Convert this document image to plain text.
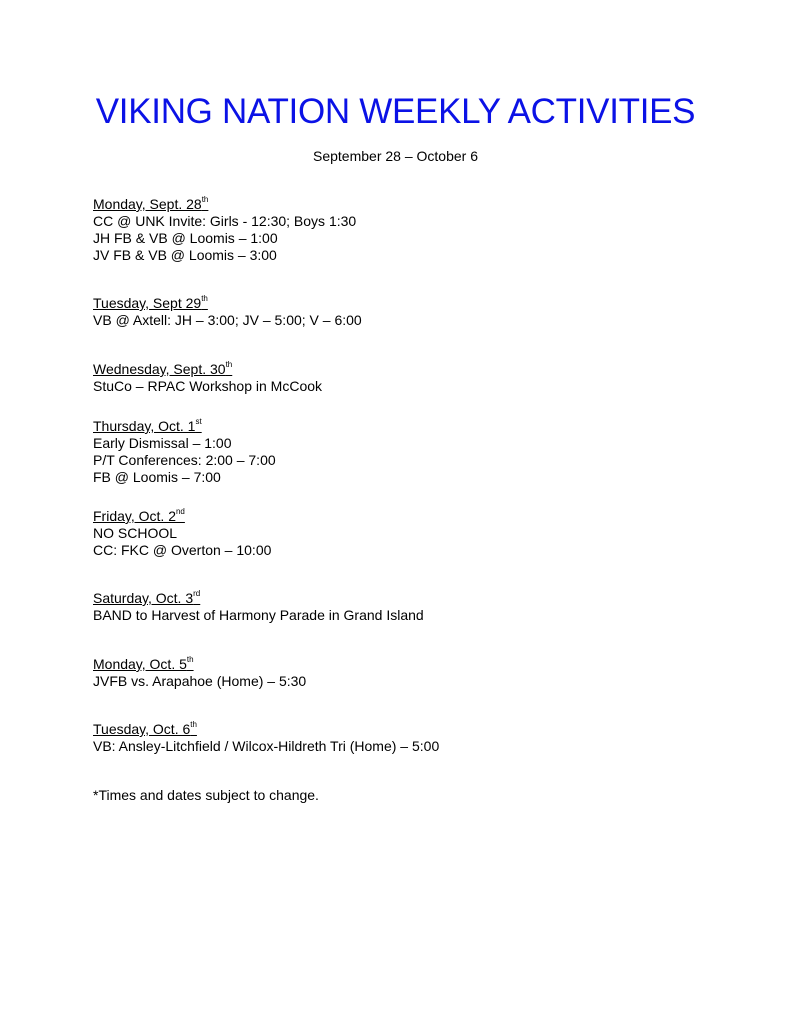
VIKING NATION WEEKLY ACTIVITIES
September 28 – October 6
Monday, Sept. 28th
CC @ UNK Invite: Girls - 12:30; Boys 1:30
JH FB & VB @ Loomis – 1:00
JV FB & VB @ Loomis – 3:00
Tuesday, Sept 29th
VB @ Axtell: JH – 3:00; JV – 5:00; V – 6:00
Wednesday, Sept. 30th
StuCo – RPAC Workshop in McCook
Thursday, Oct. 1st
Early Dismissal – 1:00
P/T Conferences: 2:00 – 7:00
FB @ Loomis – 7:00
Friday, Oct. 2nd
NO SCHOOL
CC: FKC @ Overton – 10:00
Saturday, Oct. 3rd
BAND to Harvest of Harmony Parade in Grand Island
Monday, Oct. 5th
JVFB vs. Arapahoe (Home) – 5:30
Tuesday, Oct. 6th
VB: Ansley-Litchfield / Wilcox-Hildreth Tri (Home) – 5:00
*Times and dates subject to change.
